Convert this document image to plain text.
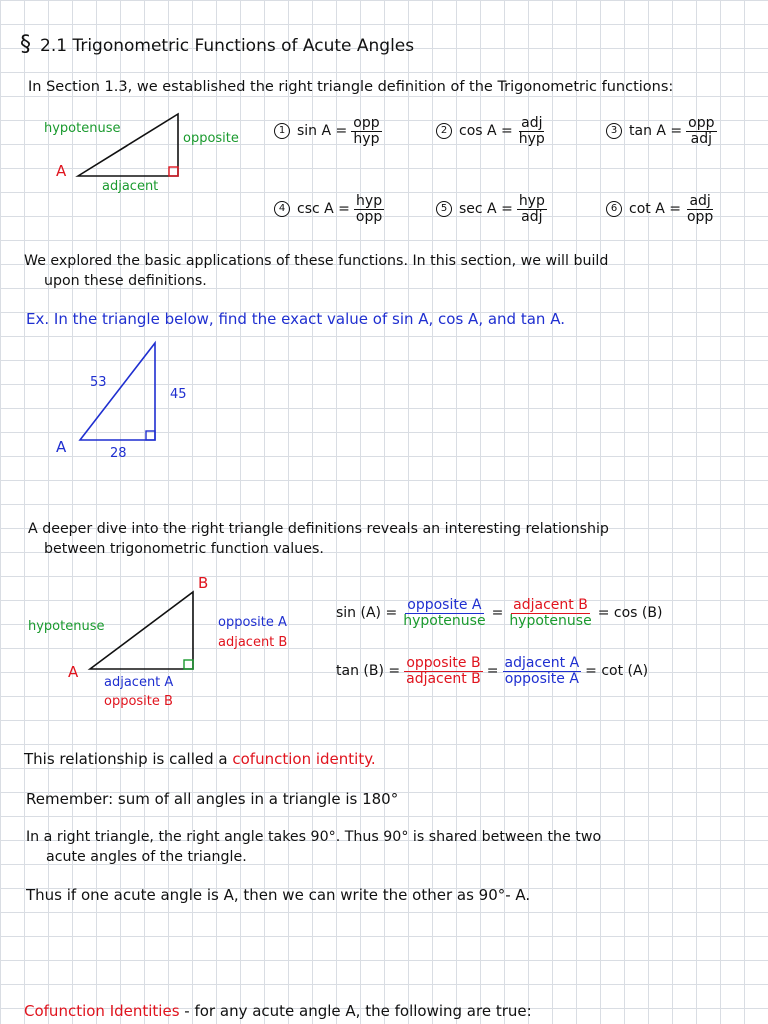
§ 2.1 Trigonometric Functions of Acute Angles
In Section 1.3, we established the right triangle definition of the Trigonometric functions:
hypotenuse
opposite
adjacent
A
1 sin A =
opp
hyp	2 cos A =
adj
hyp	3 tan A =
opp
adj
4 csc A =
hyp
opp	5 sec A =
hyp
adj	6 cot A =
adj
opp
We explored the basic applications of these functions. In this section, we will build
upon these definitions.
Ex. In the triangle below, find the exact value of sin A, cos A, and tan A.
53
45
28
A
A deeper dive into the right triangle definitions reveals an interesting relationship
between trigonometric function values.
B
A
hypotenuse	opposite A
adjacent B
adjacent A
opposite B
sin (A) =
opposite A
hypotenuse =
adjacent B
hypotenuse = cos (B)
tan (B) =
opposite B
adjacent B =
adjacent A
opposite A = cot (A)
This relationship is called a cofunction identity.
Remember: sum of all angles in a triangle is 180°
In a right triangle, the right angle takes 90°. Thus 90° is shared between the two
acute angles of the triangle.
Thus if one acute angle is A, then we can write the other as 90°- A.
Cofunction Identities - for any acute angle A, the following are true:
